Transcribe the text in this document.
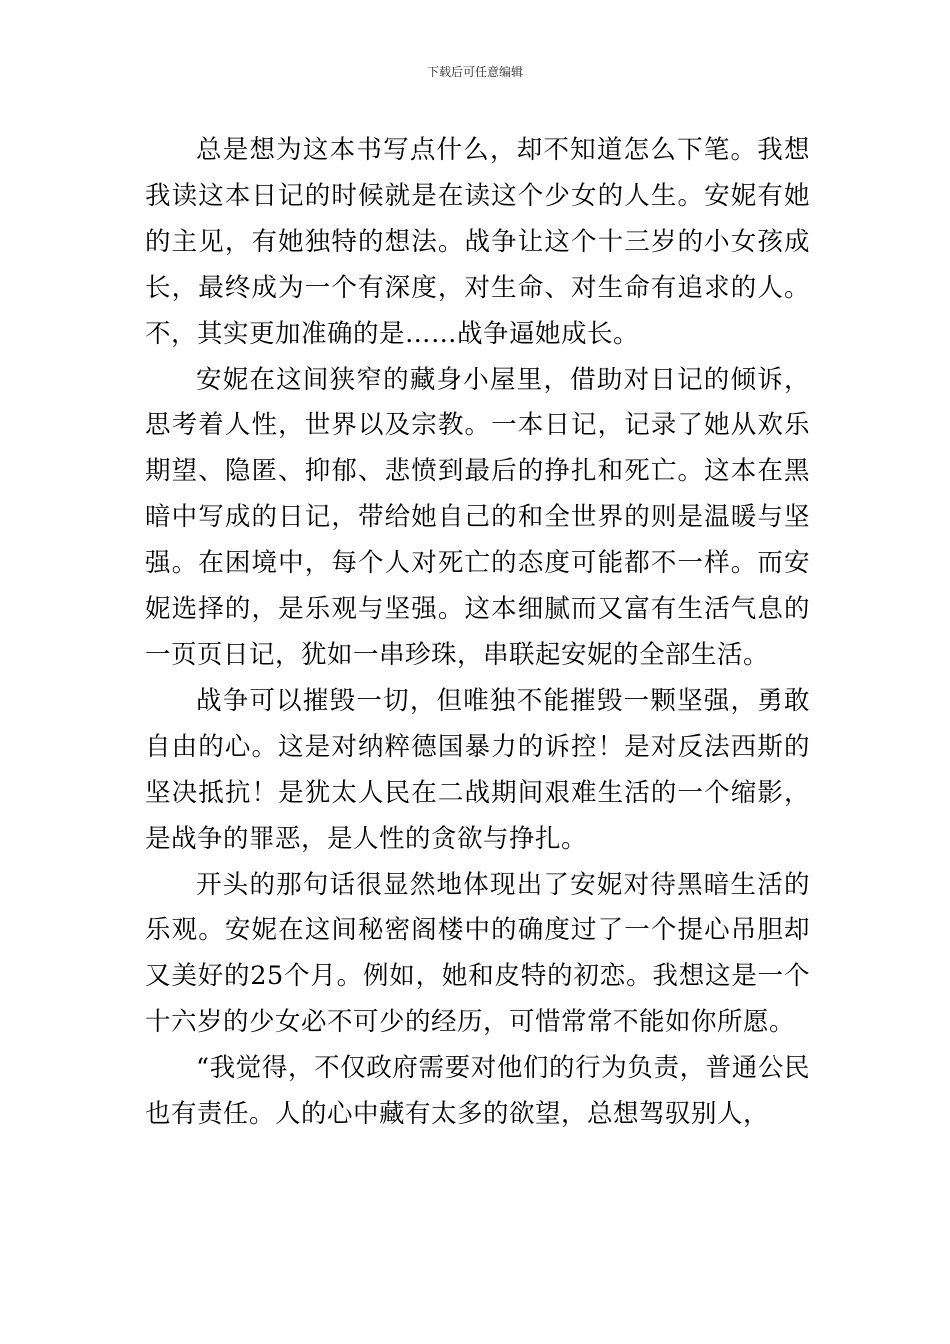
下载后可任意编辑

总是想为这本书写点什么，却不知道怎么下笔。我想我读这本日记的时候就是在读这个少女的人生。安妮有她的主见，有她独特的想法。战争让这个十三岁的小女孩成长，最终成为一个有深度，对生命、对生命有追求的人。不，其实更加准确的是……战争逼她成长。

安妮在这间狭窄的藏身小屋里，借助对日记的倾诉，思考着人性，世界以及宗教。一本日记，记录了她从欢乐期望、隐匿、抑郁、悲愤到最后的挣扎和死亡。这本在黑暗中写成的日记，带给她自己的和全世界的则是温暖与坚强。在困境中，每个人对死亡的态度可能都不一样。而安妮选择的，是乐观与坚强。这本细腻而又富有生活气息的一页页日记，犹如一串珍珠，串联起安妮的全部生活。

战争可以摧毁一切，但唯独不能摧毁一颗坚强，勇敢自由的心。这是对纳粹德国暴力的诉控！是对反法西斯的坚决抵抗！是犹太人民在二战期间艰难生活的一个缩影，是战争的罪恶，是人性的贪欲与挣扎。

开头的那句话很显然地体现出了安妮对待黑暗生活的乐观。安妮在这间秘密阁楼中的确度过了一个提心吊胆却又美好的25个月。例如，她和皮特的初恋。我想这是一个十六岁的少女必不可少的经历，可惜常常不能如你所愿。

“我觉得，不仅政府需要对他们的行为负责，普通公民也有责任。人的心中藏有太多的欲望，总想驾驭别人，
